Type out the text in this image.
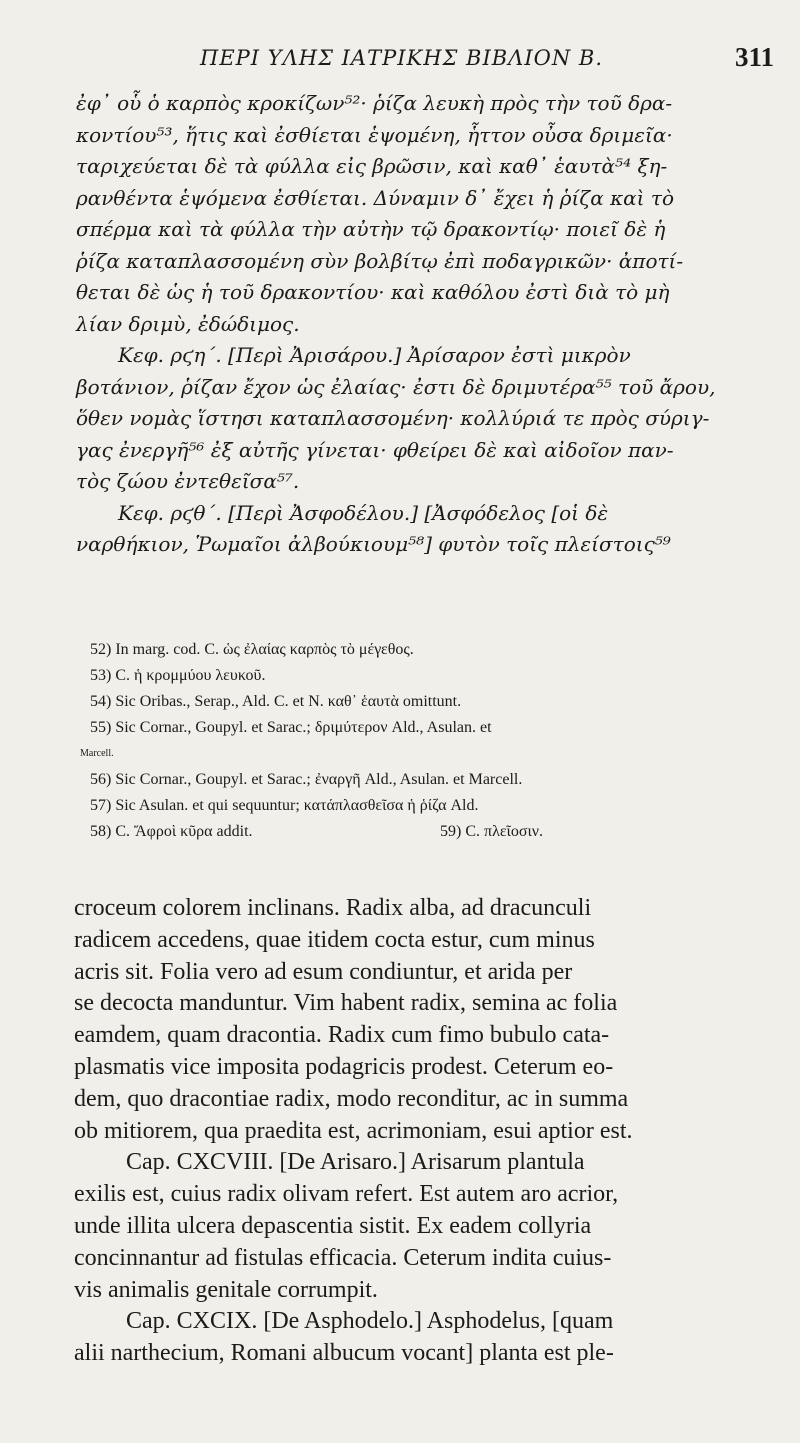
ΠΕΡΙ ΥΛΗΣ ΙΑΤΡΙΚΗΣ ΒΙΒΛΙΟΝ Β.	311
ἐφ᾿ οὗ ὁ καρπὸς κροκίζων⁵²· ῥίζα λευκὴ πρὸς τὴν τοῦ δρα-
κοντίου⁵³, ἥτις καὶ ἐσθίεται ἑψομένη, ἧττον οὖσα δριμεῖα·
ταριχεύεται δὲ τὰ φύλλα εἰς βρῶσιν, καὶ καθ᾿ ἑαυτὰ⁵⁴ ξη-
ρανθέντα ἑψόμενα ἐσθίεται. Δύναμιν δ᾿ ἔχει ἡ ῥίζα καὶ τὸ
σπέρμα καὶ τὰ φύλλα τὴν αὐτὴν τῷ δρακοντίῳ· ποιεῖ δὲ ἡ
ῥίζα καταπλασσομένη σὺν βολβίτῳ ἐπὶ ποδαγρικῶν· ἀποτί-
θεται δὲ ὡς ἡ τοῦ δρακοντίου· καὶ καθόλου ἐστὶ διὰ τὸ μὴ
λίαν δριμὺ, ἐδώδιμος.
Κεφ. ρϛη´. [Περὶ Ἀρισάρου.] Ἀρίσαρον ἐστὶ μικρὸν
βοτάνιον, ῥίζαν ἔχον ὡς ἐλαίας· ἐστι δὲ δριμυτέρα⁵⁵ τοῦ ἄρου,
ὅθεν νομὰς ἵστησι καταπλασσομένη· κολλύριά τε πρὸς σύριγ-
γας ἐνεργῆ⁵⁶ ἐξ αὐτῆς γίνεται· φθείρει δὲ καὶ αἰδοῖον παν-
τὸς ζώου ἐντεθεῖσα⁵⁷.
Κεφ. ρϛθ´. [Περὶ Ἀσφοδέλου.] [Ἀσφόδελος [οἱ δὲ
ναρθήκιον, Ῥωμαῖοι ἀλβούκιουμ⁵⁸] φυτὸν τοῖς πλείστοις⁵⁹
52) In marg. cod. C. ὡς ἐλαίας καρπὸς τὸ μέγεθος.
53) C. ἡ κρομμύου λευκοῦ.
54) Sic Oribas., Serap., Ald. C. et N. καθ᾿ ἑαυτὰ omittunt.
55) Sic Cornar., Goupyl. et Sarac.; δριμύτερον Ald., Asulan. et
Marcell.
56) Sic Cornar., Goupyl. et Sarac.; ἐναργῆ Ald., Asulan. et Marcell.
57) Sic Asulan. et qui sequuntur; κατάπλασθεῖσα ἡ ῥίζα Ald.
58) C. Ἄφροὶ κῦρα addit.	59) C. πλεῖοσιν.
croceum colorem inclinans. Radix alba, ad dracunculi
radicem accedens, quae itidem cocta estur, cum minus
acris sit. Folia vero ad esum condiuntur, et arida per
se decocta manduntur. Vim habent radix, semina ac folia
eamdem, quam dracontia. Radix cum fimo bubulo cata-
plasmatis vice imposita podagricis prodest. Ceterum eo-
dem, quo dracontiae radix, modo reconditur, ac in summa
ob mitiorem, qua praedita est, acrimoniam, esui aptior est.
Cap. CXCVIII. [De Arisaro.] Arisarum plantula
exilis est, cuius radix olivam refert. Est autem aro acrior,
unde illita ulcera depascentia sistit. Ex eadem collyria
concinnantur ad fistulas efficacia. Ceterum indita cuius-
vis animalis genitale corrumpit.
Cap. CXCIX. [De Asphodelo.] Asphodelus, [quam
alii narthecium, Romani albucum vocant] planta est ple-
